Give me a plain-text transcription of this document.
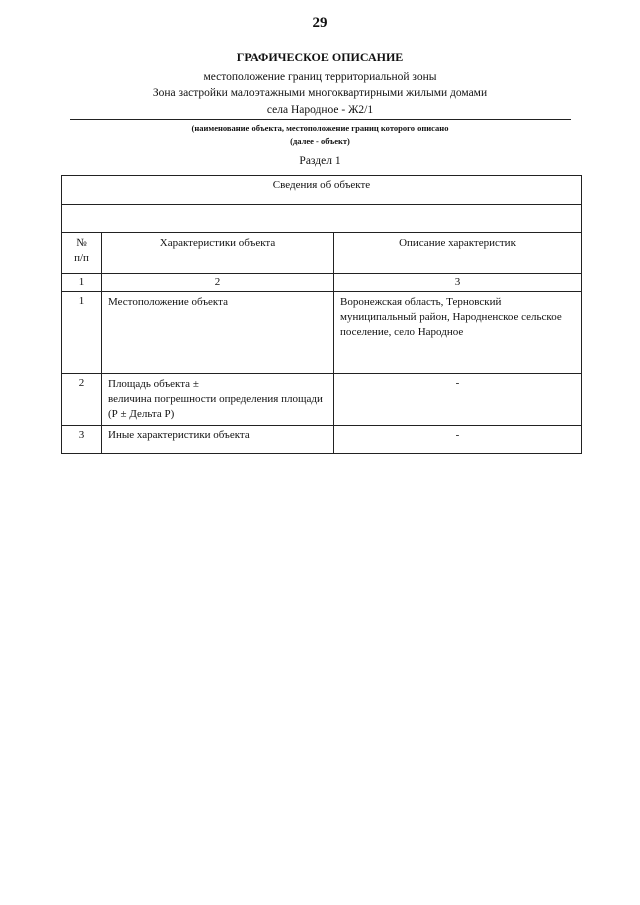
29
ГРАФИЧЕСКОЕ ОПИСАНИЕ
местоположение границ территориальной зоны
Зона застройки малоэтажными многоквартирными жилыми домами
села Народное - Ж2/1
(наименование объекта, местоположение границ которого описано
(далее - объект)
Раздел 1
Сведения об объекте		

№
п/п	Характеристики объекта	Описание характеристик
1	2	3
1	Местоположение объекта	Воронежская область, Терновский муниципальный район, Народненское сельское поселение, село Народное
2	Площадь объекта ±
величина погрешности определения площади (Р ± Дельта Р)	-
3	Иные характеристики объекта	-
